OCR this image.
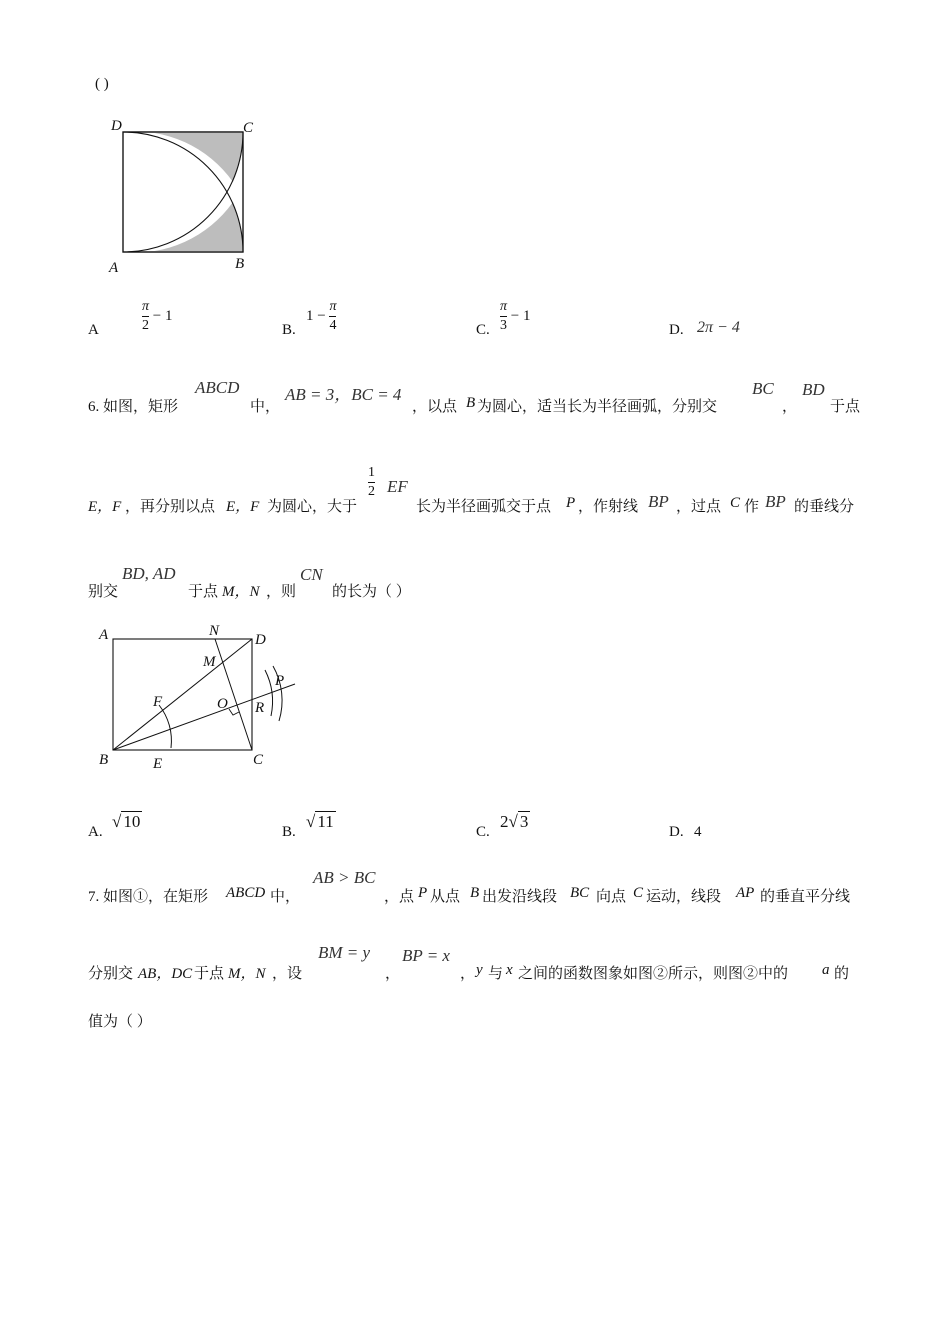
( )
D	C
A	B
A	$\frac{\pi}{2} - 1$
B.
$1 - \frac{\pi}{4}$	C. $\frac{\pi}{3} - 1$
D. 2π − 4
6. 如图，矩形
ABCD
中，
AB = 3，BC = 4
，以点 B 为圆心，适当长为半径画弧，分别交
BC
，
BD
于点
E，F ，再分别以点 E，F 为圆心，大于
$\frac{1}{2}$ EF
长为半径画弧交于点 P ，作射线 BP ，过点 C 作 BP 的垂线分
别交
BD, AD
于点 M，N ，则
CN
的长为（ ）
A	N
D
M
F	O R
P
B	E	C
A.
√ 10
B.
√ 11
C.
2√ 3
D. 4
7. 如图①，在矩形 ABCD 中，
AB > BC
，点 P 从点 B 出发沿线段 BC 向点 C 运动，线段 AP 的垂直平分线
分别交 AB，DC 于点 M，N ，设
BM = y
，
BP = x
， y 与 x 之间的函数图象如图②所示，则图②中的 a 的
值为（ ）
